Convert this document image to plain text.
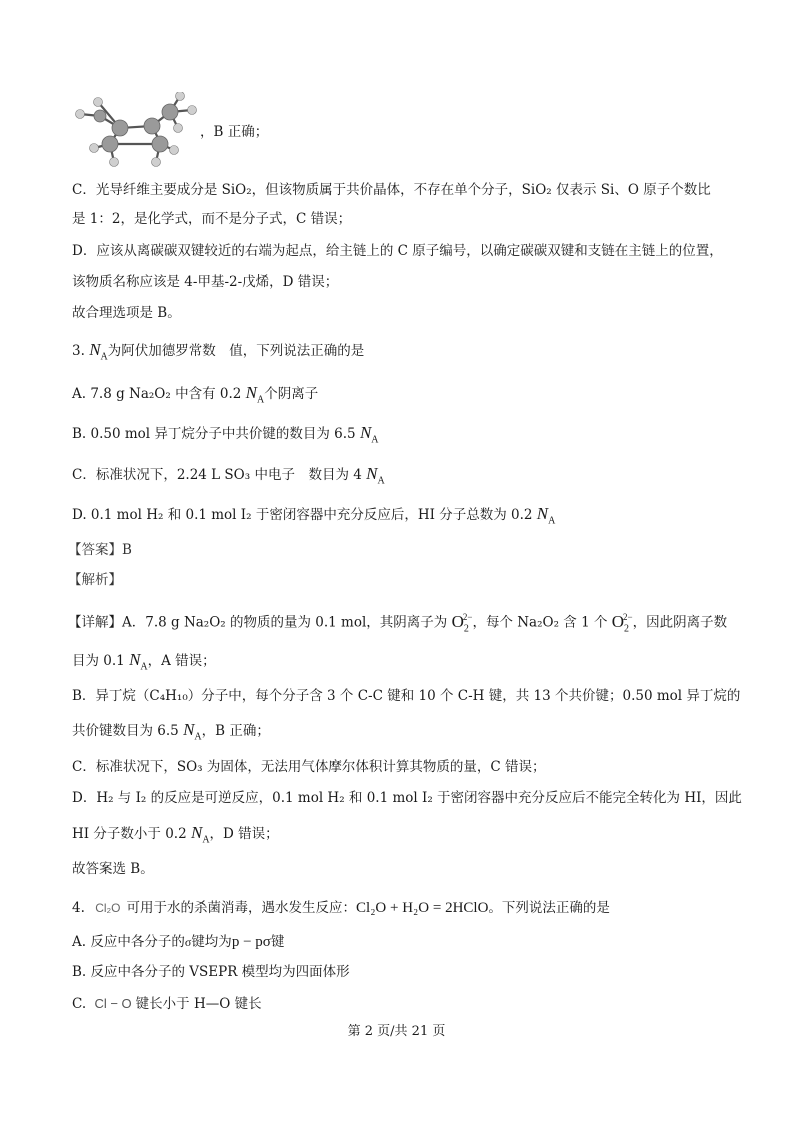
，B 正确；
C．光导纤维主要成分是 SiO₂，但该物质属于共价晶体，不存在单个分子，SiO₂ 仅表示 Si、O 原子个数比
是 1：2，是化学式，而不是分子式，C 错误；
D．应该从离碳碳双键较近的右端为起点，给主链上的 C 原子编号，以确定碳碳双键和支链在主链上的位置，
该物质名称应该是 4-甲基-2-戊烯，D 错误；
故合理选项是 B。
3. $N_A$为阿伏加德罗常数　值，下列说法正确的是
A. 7.8 g Na₂O₂ 中含有 0.2 $N_A$个阴离子
B. 0.50 mol 异丁烷分子中共价键的数目为 6.5 $N_A$
C．标准状况下，2.24 L SO₃ 中电子　数目为 4 $N_A$
D. 0.1 mol H₂ 和 0.1 mol I₂ 于密闭容器中充分反应后，HI 分子总数为 0.2 $N_A$
【答案】B
【解析】
【详解】A．7.8 g Na₂O₂ 的物质的量为 0.1 mol，其阴离子为 $O_2^{2-}$，每个 Na₂O₂ 含 1 个 $O_2^{2-}$，因此阴离子数
目为 0.1 $N_A$，A 错误；
B．异丁烷（C₄H₁₀）分子中，每个分子含 3 个 C-C 键和 10 个 C-H 键，共 13 个共价键；0.50 mol 异丁烷的
共价键数目为 6.5 $N_A$，B 正确；
C．标准状况下，SO₃ 为固体，无法用气体摩尔体积计算其物质的量，C 错误；
D．H₂ 与 I₂ 的反应是可逆反应，0.1 mol H₂ 和 0.1 mol I₂ 于密闭容器中充分反应后不能完全转化为 HI，因此
HI 分子数小于 0.2 $N_A$，D 错误；
故答案选 B。
4. Cl₂O 可用于水的杀菌消毒，遇水发生反应：Cl₂O + H₂O = 2HClO。下列说法正确的是
A. 反应中各分子的σ键均为p − pσ键
B. 反应中各分子的 VSEPR 模型均为四面体形
C. Cl − O 键长小于 H—O 键长
第 2 页/共 21 页
